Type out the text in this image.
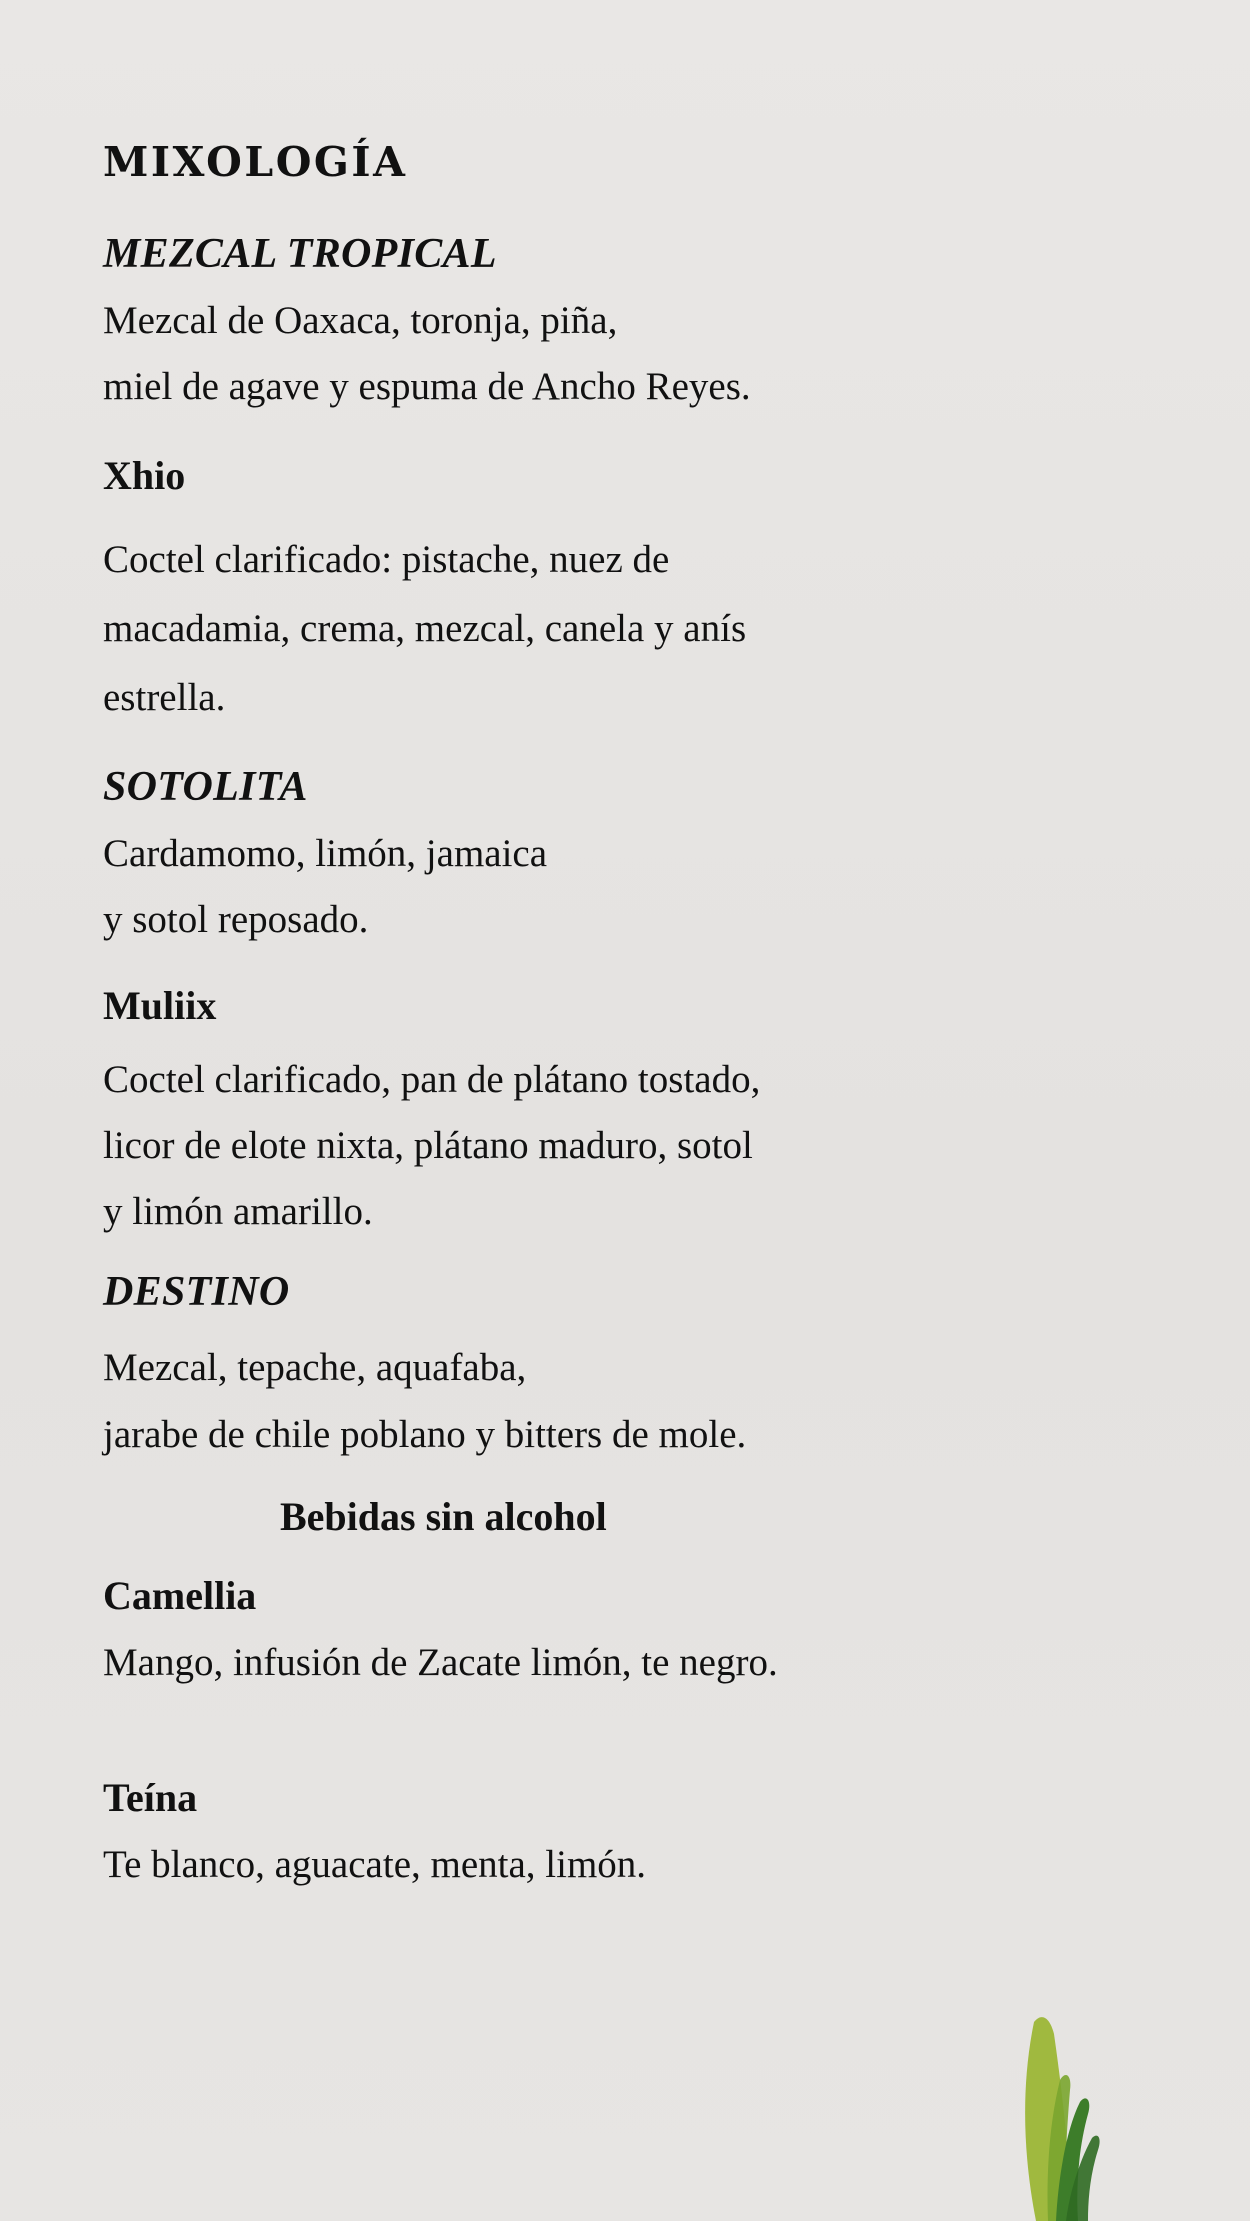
MIXOLOGÍA
MEZCAL TROPICAL
Mezcal de Oaxaca, toronja, piña,
miel de agave y espuma de Ancho Reyes.
Xhio
Coctel clarificado: pistache, nuez de
macadamia, crema, mezcal, canela y anís
estrella.
SOTOLITA
Cardamomo, limón, jamaica
y sotol reposado.
Muliix
Coctel clarificado, pan de plátano tostado,
licor de elote nixta, plátano maduro, sotol
y limón amarillo.
DESTINO
Mezcal, tepache, aquafaba,
jarabe de chile poblano y bitters de mole.
Bebidas sin alcohol
Camellia
Mango, infusión de Zacate limón, te negro.
Teína
Te blanco, aguacate, menta, limón.
